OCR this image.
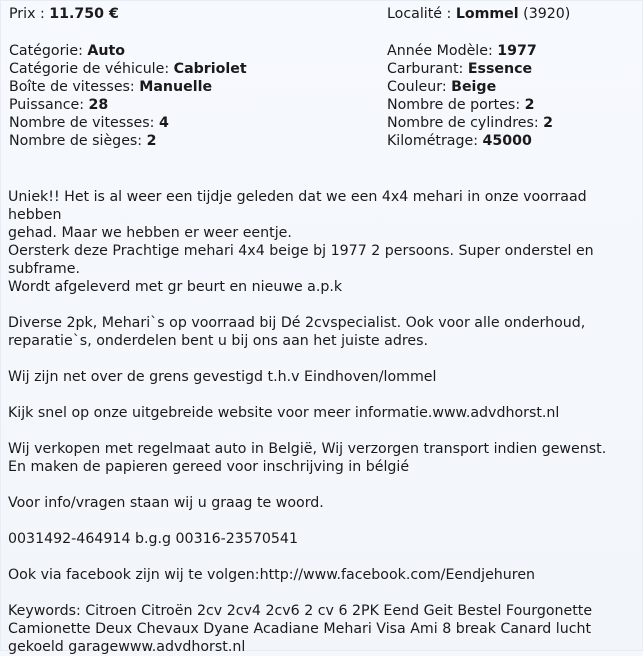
Prix : 11.750 €
Catégorie: Auto
Catégorie de véhicule: Cabriolet
Boîte de vitesses: Manuelle
Puissance: 28
Nombre de vitesses: 4
Nombre de sièges: 2
Localité : Lommel (3920)
Année Modèle: 1977
Carburant: Essence
Couleur: Beige
Nombre de portes: 2
Nombre de cylindres: 2
Kilométrage: 45000

Uniek!! Het is al weer een tijdje geleden dat we een 4x4 mehari in onze voorraad hebben
gehad. Maar we hebben er weer eentje.
Oersterk deze Prachtige mehari 4x4 beige bj 1977 2 persoons. Super onderstel en
subframe.
Wordt afgeleverd met gr beurt en nieuwe a.p.k

Diverse 2pk, Mehari`s op voorraad bij Dé 2cvspecialist. Ook voor alle onderhoud,
reparatie`s, onderdelen bent u bij ons aan het juiste adres.

Wij zijn net over de grens gevestigd t.h.v Eindhoven/lommel

Kijk snel op onze uitgebreide website voor meer informatie.www.advdhorst.nl

Wij verkopen met regelmaat auto in België, Wij verzorgen transport indien gewenst.
En maken de papieren gereed voor inschrijving in bélgié

Voor info/vragen staan wij u graag te woord.

0031492-464914 b.g.g 00316-23570541

Ook via facebook zijn wij te volgen:http://www.facebook.com/Eendjehuren

Keywords: Citroen Citroën 2cv 2cv4 2cv6 2 cv 6 2PK Eend Geit Bestel Fourgonette
Camionette Deux Chevaux Dyane Acadiane Mehari Visa Ami 8 break Canard lucht
gekoeld garagewww.advdhorst.nl
